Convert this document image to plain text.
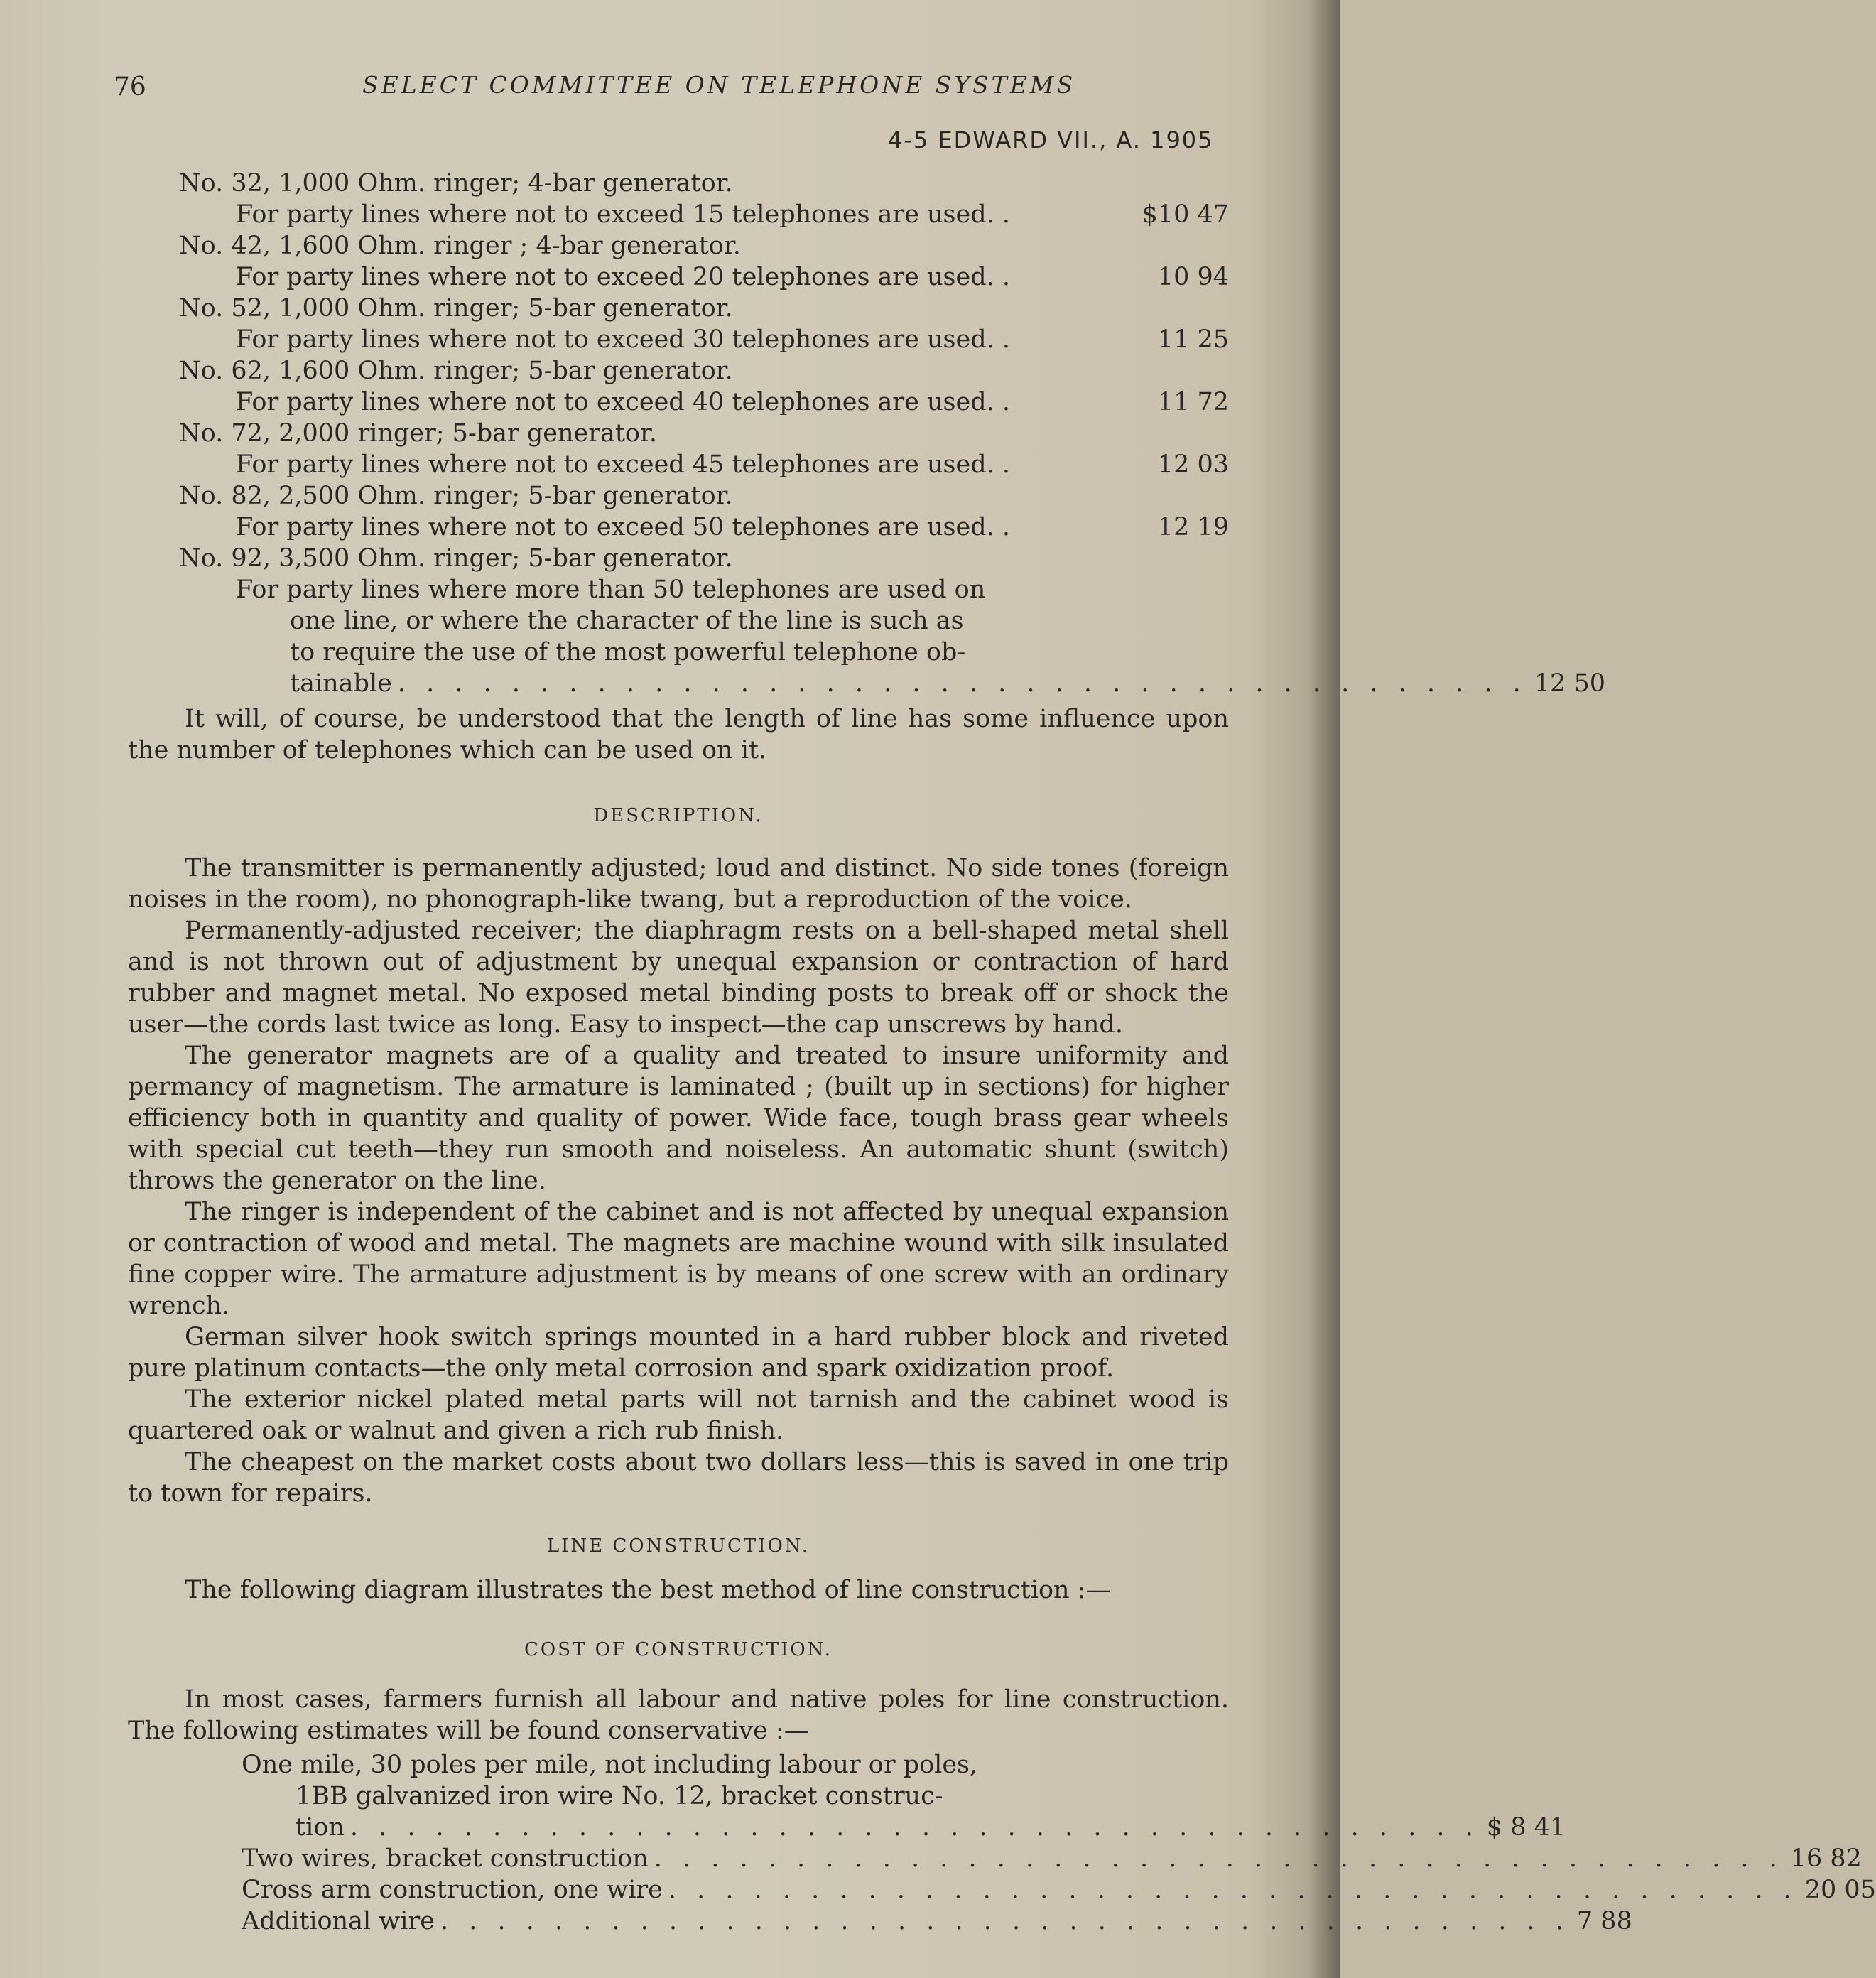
76	SELECT COMMITTEE ON TELEPHONE SYSTEMS
4-5 EDWARD VII., A. 1905
No. 32, 1,000 Ohm. ringer; 4-bar generator.
For party lines where not to exceed 15 telephones are used. .	$10 47
No. 42, 1,600 Ohm. ringer ; 4-bar generator.
For party lines where not to exceed 20 telephones are used. .	10 94
No. 52, 1,000 Ohm. ringer; 5-bar generator.
For party lines where not to exceed 30 telephones are used. .	11 25
No. 62, 1,600 Ohm. ringer; 5-bar generator.
For party lines where not to exceed 40 telephones are used. .	11 72
No. 72, 2,000 ringer; 5-bar generator.
For party lines where not to exceed 45 telephones are used. .	12 03
No. 82, 2,500 Ohm. ringer; 5-bar generator.
For party lines where not to exceed 50 telephones are used. .	12 19
No. 92, 3,500 Ohm. ringer; 5-bar generator.
For party lines where more than 50 telephones are used on
one line, or where the character of the line is such as
to require the use of the most powerful telephone ob-
tainable . . . . . . . . . . . . . . . . . . . . . . . . . . . . . . . . . . . . . . . . 12 50

It will, of course, be understood that the length of line has some influence upon the number of telephones which can be used on it.

DESCRIPTION.

The transmitter is permanently adjusted; loud and distinct. No side tones (foreign noises in the room), no phonograph-like twang, but a reproduction of the voice.

Permanently-adjusted receiver; the diaphragm rests on a bell-shaped metal shell and is not thrown out of adjustment by unequal expansion or contraction of hard rubber and magnet metal. No exposed metal binding posts to break off or shock the user—the cords last twice as long. Easy to inspect—the cap unscrews by hand.

The generator magnets are of a quality and treated to insure uniformity and permancy of magnetism. The armature is laminated ; (built up in sections) for higher efficiency both in quantity and quality of power. Wide face, tough brass gear wheels with special cut teeth—they run smooth and noiseless. An automatic shunt (switch) throws the generator on the line.

The ringer is independent of the cabinet and is not affected by unequal expansion or contraction of wood and metal. The magnets are machine wound with silk insulated fine copper wire. The armature adjustment is by means of one screw with an ordinary wrench.

German silver hook switch springs mounted in a hard rubber block and riveted pure platinum contacts—the only metal corrosion and spark oxidization proof.

The exterior nickel plated metal parts will not tarnish and the cabinet wood is quartered oak or walnut and given a rich rub finish.

The cheapest on the market costs about two dollars less—this is saved in one trip to town for repairs.

LINE CONSTRUCTION.

The following diagram illustrates the best method of line construction :—

COST OF CONSTRUCTION.

In most cases, farmers furnish all labour and native poles for line construction. The following estimates will be found conservative :—

One mile, 30 poles per mile, not including labour or poles,
1BB galvanized iron wire No. 12, bracket construc-
tion . . . . . . . . . . . . . . . . . . . . . . . . . . . . . . . . . . . . . . . . $ 8 41
Two wires, bracket construction . . . . . . . . . . . . . . . . . . . . . . . . . . . . . . . . . . . . . . . . 16 82
Cross arm construction, one wire . . . . . . . . . . . . . . . . . . . . . . . . . . . . . . . . . . . . . . . . 20 05
Additional wire . . . . . . . . . . . . . . . . . . . . . . . . . . . . . . . . . . . . . . . . 7 88
